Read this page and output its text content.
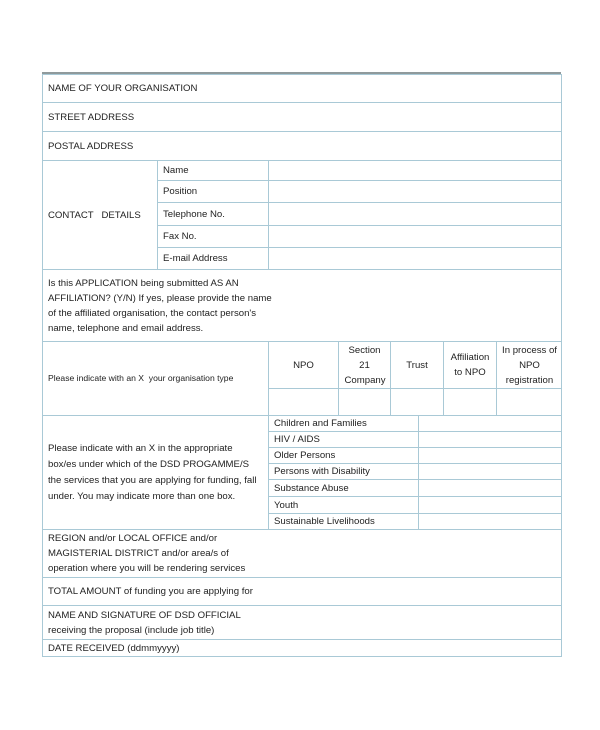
NAME OF YOUR ORGANISATION							
STREET ADDRESS							
POSTAL ADDRESS							
CONTACT   DETAILS	Name						
	Position						
	Telephone No.						
	Fax No.						
	E-mail Address						

Is this APPLICATION being submitted AS AN AFFILIATION? (Y/N) If yes, please provide the name of the affiliated organisation, the contact person's name, telephone and email address.							

Please indicate with an X  your organisation type		NPO	Section 21 Company	Trust		Affiliation to NPO	In process of NPO registration

Please indicate with an X in the appropriate box/es under which of the DSD PROGAMME/S the services that you are applying for funding, fall under. You may indicate more than one box.		Children and Families					
		HIV / AIDS					
		Older Persons					
		Persons with Disability					
		Substance Abuse					
		Youth					
		Sustainable Livelihoods					

REGION and/or LOCAL OFFICE and/or MAGISTERIAL DISTRICT and/or area/s of operation where you will be rendering services							

TOTAL AMOUNT of funding you are applying for							

NAME AND SIGNATURE OF DSD OFFICIAL receiving the proposal (include job title)							

DATE RECEIVED (ddmmyyyy)							
